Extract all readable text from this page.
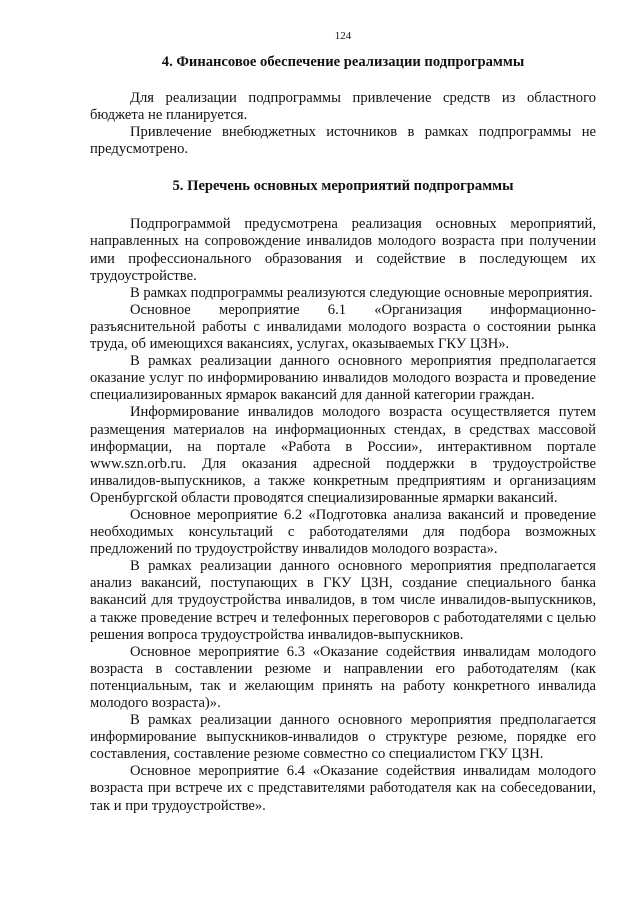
124
4. Финансовое обеспечение реализации подпрограммы

Для реализации подпрограммы привлечение средств из областного бюджета не планируется.

Привлечение внебюджетных источников в рамках подпрограммы не предусмотрено.

5. Перечень основных мероприятий подпрограммы

Подпрограммой предусмотрена реализация основных мероприятий, направленных на сопровождение инвалидов молодого возраста при получении ими профессионального образования и содействие в последующем их трудоустройстве.

В рамках подпрограммы реализуются следующие основные мероприятия.

Основное мероприятие 6.1 «Организация информационно-разъяснительной работы с инвалидами молодого возраста о состоянии рынка труда, об имеющихся вакансиях, услугах, оказываемых ГКУ ЦЗН».

В рамках реализации данного основного мероприятия предполагается оказание услуг по информированию инвалидов молодого возраста и проведение специализированных ярмарок вакансий для данной категории граждан.

Информирование инвалидов молодого возраста осуществляется путем размещения материалов на информационных стендах, в средствах массовой информации, на портале «Работа в России», интерактивном портале www.szn.orb.ru. Для оказания адресной поддержки в трудоустройстве инвалидов-выпускников, а также конкретным предприятиям и организациям Оренбургской области проводятся специализированные ярмарки вакансий.

Основное мероприятие 6.2 «Подготовка анализа вакансий и проведение необходимых консультаций с работодателями для подбора возможных предложений по трудоустройству инвалидов молодого возраста».

В рамках реализации данного основного мероприятия предполагается анализ вакансий, поступающих в ГКУ ЦЗН, создание специального банка вакансий для трудоустройства инвалидов, в том числе инвалидов-выпускников, а также проведение встреч и телефонных переговоров с работодателями с целью решения вопроса трудоустройства инвалидов-выпускников.

Основное мероприятие 6.3 «Оказание содействия инвалидам молодого возраста в составлении резюме и направлении его работодателям (как потенциальным, так и желающим принять на работу конкретного инвалида молодого возраста)».

В рамках реализации данного основного мероприятия предполагается информирование выпускников-инвалидов о структуре резюме, порядке его составления, составление резюме совместно со специалистом ГКУ ЦЗН.

Основное мероприятие 6.4 «Оказание содействия инвалидам молодого возраста при встрече их с представителями работодателя как на собеседовании, так и при трудоустройстве».
